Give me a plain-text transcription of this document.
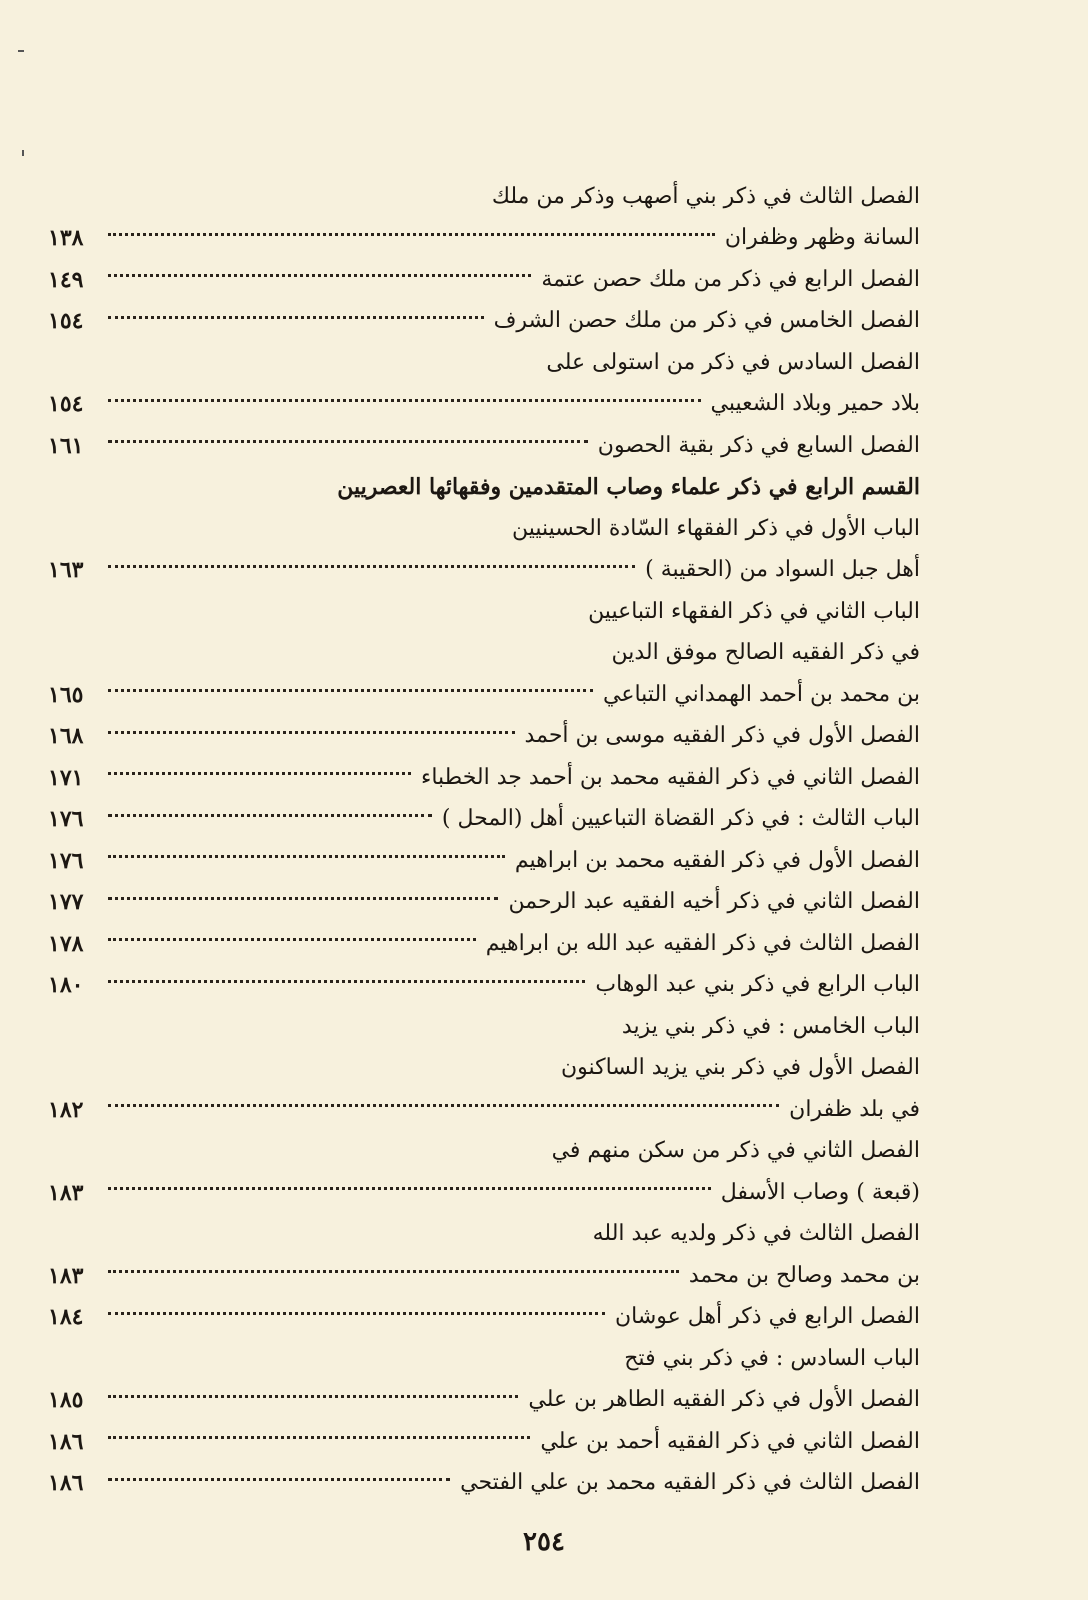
الفصل الثالث في ذكر بني أصهب وذكر من ملك
السانة وظهر وظفران
١٣٨
الفصل الرابع في ذكر من ملك حصن عتمة
١٤٩
الفصل الخامس في ذكر من ملك حصن الشرف
١٥٤
الفصل السادس في ذكر من استولى على
بلاد حمير وبلاد الشعيبي
١٥٤
الفصل السابع في ذكر بقية الحصون
١٦١
القسم الرابع في ذكر علماء وصاب المتقدمين وفقهائها العصريين
الباب الأول في ذكر الفقهاء السّادة الحسينيين
أهل جبل السواد من (الحقيبة )
١٦٣
الباب الثاني في ذكر الفقهاء التباعيين
في ذكر الفقيه الصالح موفق الدين
بن محمد بن أحمد الهمداني التباعي
١٦٥
الفصل الأول في ذكر الفقيه موسى بن أحمد
١٦٨
الفصل الثاني في ذكر الفقيه محمد بن أحمد جد الخطباء
١٧١
الباب الثالث : في ذكر القضاة التباعيين أهل (المحل )
١٧٦
الفصل الأول في ذكر الفقيه محمد بن ابراهيم
١٧٦
الفصل الثاني في ذكر أخيه الفقيه عبد الرحمن
١٧٧
الفصل الثالث في ذكر الفقيه عبد الله بن ابراهيم
١٧٨
الباب الرابع في ذكر بني عبد الوهاب
١٨٠
الباب الخامس : في ذكر بني يزيد
الفصل الأول في ذكر بني يزيد الساكنون
في بلد ظفران
١٨٢
الفصل الثاني في ذكر من سكن منهم في
(قبعة ) وصاب الأسفل
١٨٣
الفصل الثالث في ذكر ولديه عبد الله
بن محمد وصالح بن محمد
١٨٣
الفصل الرابع في ذكر أهل عوشان
١٨٤
الباب السادس : في ذكر بني فتح
الفصل الأول في ذكر الفقيه الطاهر بن علي
١٨٥
الفصل الثاني في ذكر الفقيه أحمد بن علي
١٨٦
الفصل الثالث في ذكر الفقيه محمد بن علي الفتحي
١٨٦
٢٥٤
